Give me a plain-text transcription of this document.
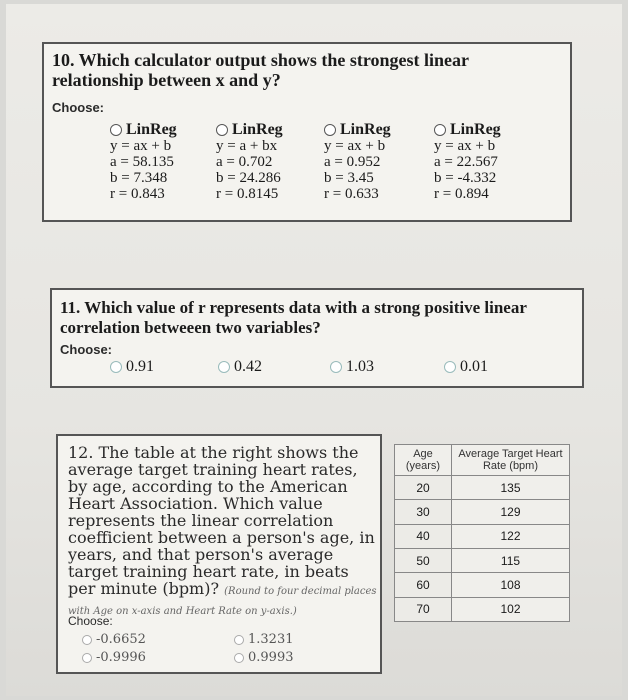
10. Which calculator output shows the strongest linear relationship between x and y?
Choose:
LinReg
y = ax + b
a = 58.135
b = 7.348
r = 0.843
LinReg
y = a + bx
a = 0.702
b = 24.286
r = 0.8145
LinReg
y = ax + b
a = 0.952
b = 3.45
r = 0.633
LinReg
y = ax + b
a = 22.567
b = -4.332
r = 0.894
11. Which value of r represents data with a strong positive linear correlation betweeen two variables?
Choose:
0.91	0.42	1.03	0.01
12. The table at the right shows the average target training heart rates, by age, according to the American Heart Association. Which value represents the linear correlation coefficient between a person's age, in years, and that person's average target training heart rate, in beats per minute (bpm)? (Round to four decimal places with Age on x-axis and Heart Rate on y-axis.)
Choose:
-0.6652
-0.9996
1.3231
0.9993
Age (years)	Average Target Heart Rate (bpm)
20	135
30	129
40	122
50	115
60	108
70	102
